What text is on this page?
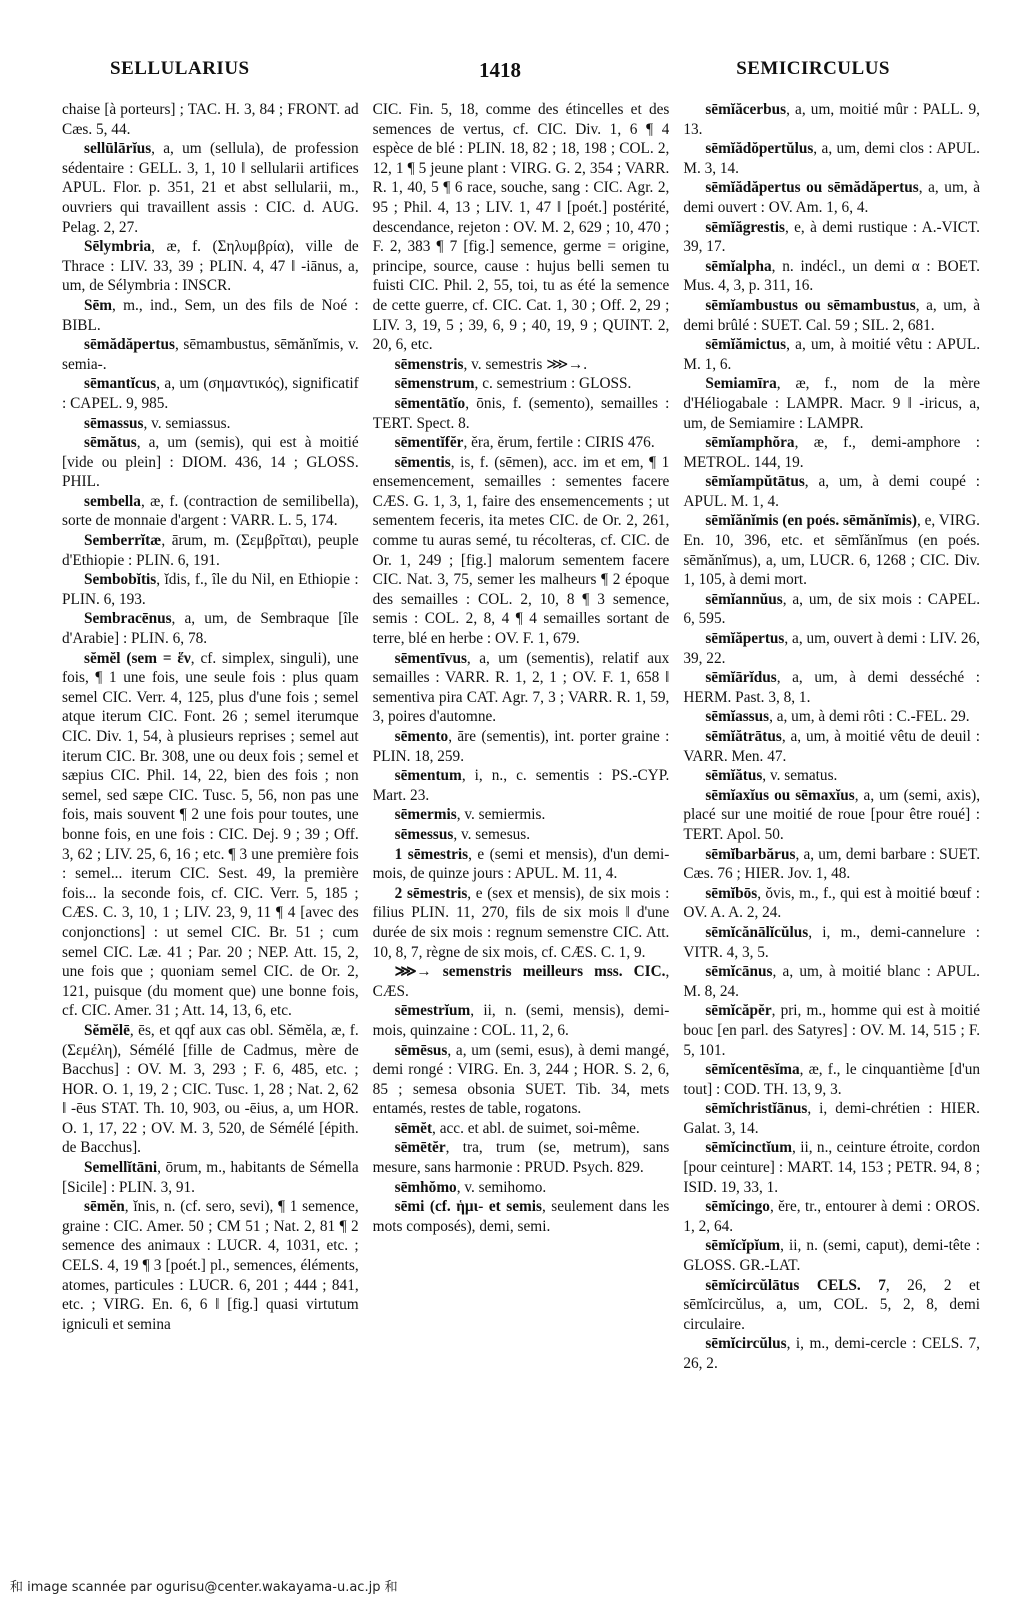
SELLULARIUS	1418	SEMICIRCULUS

chaise [à porteurs] ; TAC. H. 3, 84 ; FRONT. ad Cæs. 5, 44.

sellūlārĭus, a, um (sellula), de profession sédentaire : GELL. 3, 1, 10 ‖ sellularii artifices APUL. Flor. p. 351, 21 et abst sellularii, m., ouvriers qui travaillent assis : CIC. d. AUG. Pelag. 2, 27.

Sēlymbria, æ, f. (Σηλυμβρία), ville de Thrace : LIV. 33, 39 ; PLIN. 4, 47 ‖ -iānus, a, um, de Sélymbria : INSCR.

Sēm, m., ind., Sem, un des fils de Noé : BIBL.

sēmădăpertus, sēmambustus, sēmănĭmis, v. semia-.

sēmantĭcus, a, um (σημαντικός), significatif : CAPEL. 9, 985.

sēmassus, v. semiassus.

sēmătus, a, um (semis), qui est à moitié [vide ou plein] : DIOM. 436, 14 ; GLOSS. PHIL.

sembella, æ, f. (contraction de semilibella), sorte de monnaie d'argent : VARR. L. 5, 174.

Semberrĭtæ, ārum, m. (Σεμβρῖται), peuple d'Ethiopie : PLIN. 6, 191.

Sembobĭtis, ĭdis, f., île du Nil, en Ethiopie : PLIN. 6, 193.

Sembracēnus, a, um, de Sembraque [île d'Arabie] : PLIN. 6, 78.

sĕmĕl (sem = ἕν, cf. simplex, singuli), une fois, ¶ 1 une fois, une seule fois : plus quam semel CIC. Verr. 4, 125, plus d'une fois ; semel atque iterum CIC. Font. 26 ; semel iterumque CIC. Div. 1, 54, à plusieurs reprises ; semel aut iterum CIC. Br. 308, une ou deux fois ; semel et sæpius CIC. Phil. 14, 22, bien des fois ; non semel, sed sæpe CIC. Tusc. 5, 56, non pas une fois, mais souvent ¶ 2 une fois pour toutes, une bonne fois, en une fois : CIC. Dej. 9 ; 39 ; Off. 3, 62 ; LIV. 25, 6, 16 ; etc. ¶ 3 une première fois : semel... iterum CIC. Sest. 49, la première fois... la seconde fois, cf. CIC. Verr. 5, 185 ; CÆS. C. 3, 10, 1 ; LIV. 23, 9, 11 ¶ 4 [avec des conjonctions] : ut semel CIC. Br. 51 ; cum semel CIC. Læ. 41 ; Par. 20 ; NEP. Att. 15, 2, une fois que ; quoniam semel CIC. de Or. 2, 121, puisque (du moment que) une bonne fois, cf. CIC. Amer. 31 ; Att. 14, 13, 6, etc.

Sĕmĕlē, ēs, et qqf aux cas obl. Sĕmĕla, æ, f. (Σεμέλη), Sémélé [fille de Cadmus, mère de Bacchus] : OV. M. 3, 293 ; F. 6, 485, etc. ; HOR. O. 1, 19, 2 ; CIC. Tusc. 1, 28 ; Nat. 2, 62 ‖ -ēus STAT. Th. 10, 903, ou -ēius, a, um HOR. O. 1, 17, 22 ; OV. M. 3, 520, de Sémélé [épith. de Bacchus].

Semellĭtāni, ōrum, m., habitants de Sémella [Sicile] : PLIN. 3, 91.

sēmĕn, ĭnis, n. (cf. sero, sevi), ¶ 1 semence, graine : CIC. Amer. 50 ; CM 51 ; Nat. 2, 81 ¶ 2 semence des animaux : LUCR. 4, 1031, etc. ; CELS. 4, 19 ¶ 3 [poét.] pl., semences, éléments, atomes, particules : LUCR. 6, 201 ; 444 ; 841, etc. ; VIRG. En. 6, 6 ‖ [fig.] quasi virtutum igniculi et semina

CIC. Fin. 5, 18, comme des étincelles et des semences de vertus, cf. CIC. Div. 1, 6 ¶ 4 espèce de blé : PLIN. 18, 82 ; 18, 198 ; COL. 2, 12, 1 ¶ 5 jeune plant : VIRG. G. 2, 354 ; VARR. R. 1, 40, 5 ¶ 6 race, souche, sang : CIC. Agr. 2, 95 ; Phil. 4, 13 ; LIV. 1, 47 ‖ [poét.] postérité, descendance, rejeton : OV. M. 2, 629 ; 10, 470 ; F. 2, 383 ¶ 7 [fig.] semence, germe = origine, principe, source, cause : hujus belli semen tu fuisti CIC. Phil. 2, 55, toi, tu as été la semence de cette guerre, cf. CIC. Cat. 1, 30 ; Off. 2, 29 ; LIV. 3, 19, 5 ; 39, 6, 9 ; 40, 19, 9 ; QUINT. 2, 20, 6, etc.

sēmenstris, v. semestris ⋙→.

sēmenstrum, c. semestrium : GLOSS.

sēmentātĭo, ōnis, f. (semento), semailles : TERT. Spect. 8.

sēmentĭfĕr, ĕra, ĕrum, fertile : CIRIS 476.

sēmentis, is, f. (sēmen), acc. im et em, ¶ 1 ensemencement, semailles : sementes facere CÆS. G. 1, 3, 1, faire des ensemencements ; ut sementem feceris, ita metes CIC. de Or. 2, 261, comme tu auras semé, tu récolteras, cf. CIC. de Or. 1, 249 ; [fig.] malorum sementem facere CIC. Nat. 3, 75, semer les malheurs ¶ 2 époque des semailles : COL. 2, 10, 8 ¶ 3 semence, semis : COL. 2, 8, 4 ¶ 4 semailles sortant de terre, blé en herbe : OV. F. 1, 679.

sēmentīvus, a, um (sementis), relatif aux semailles : VARR. R. 1, 2, 1 ; OV. F. 1, 658 ‖ sementiva pira CAT. Agr. 7, 3 ; VARR. R. 1, 59, 3, poires d'automne.

sēmento, āre (sementis), int. porter graine : PLIN. 18, 259.

sēmentum, i, n., c. sementis : PS.-CYP. Mart. 23.

sēmermis, v. semiermis.

sēmessus, v. semesus.

1 sēmestris, e (semi et mensis), d'un demi-mois, de quinze jours : APUL. M. 11, 4.

2 sēmestris, e (sex et mensis), de six mois : filius PLIN. 11, 270, fils de six mois ‖ d'une durée de six mois : regnum semenstre CIC. Att. 10, 8, 7, règne de six mois, cf. CÆS. C. 1, 9.

⋙→ semenstris meilleurs mss. CIC., CÆS.

sēmestrĭum, ii, n. (semi, mensis), demi-mois, quinzaine : COL. 11, 2, 6.

sēmēsus, a, um (semi, esus), à demi mangé, demi rongé : VIRG. En. 3, 244 ; HOR. S. 2, 6, 85 ; semesa obsonia SUET. Tib. 34, mets entamés, restes de table, rogatons.

sēmĕt, acc. et abl. de suimet, soi-même.

sēmētĕr, tra, trum (se, metrum), sans mesure, sans harmonie : PRUD. Psych. 829.

sēmhŏmo, v. semihomo.

sēmi (cf. ἡμι- et semis, seulement dans les mots composés), demi, semi.

sēmĭăcerbus, a, um, moitié mûr : PALL. 9, 13.

sēmĭădŏpertŭlus, a, um, demi clos : APUL. M. 3, 14.

sēmĭădăpertus ou sēmădăpertus, a, um, à demi ouvert : OV. Am. 1, 6, 4.

sēmĭăgrestis, e, à demi rustique : A.-VICT. 39, 17.

sēmĭalpha, n. indécl., un demi α : BOET. Mus. 4, 3, p. 311, 16.

sēmĭambustus ou sēmambustus, a, um, à demi brûlé : SUET. Cal. 59 ; SIL. 2, 681.

sēmĭămictus, a, um, à moitié vêtu : APUL. M. 1, 6.

Semiamīra, æ, f., nom de la mère d'Héliogabale : LAMPR. Macr. 9 ‖ -iricus, a, um, de Semiamire : LAMPR.

sēmĭamphŏra, æ, f., demi-amphore : METROL. 144, 19.

sēmĭampŭtātus, a, um, à demi coupé : APUL. M. 1, 4.

sēmĭănĭmis (en poés. sēmănĭmis), e, VIRG. En. 10, 396, etc. et sēmĭănĭmus (en poés. sēmănĭmus), a, um, LUCR. 6, 1268 ; CIC. Div. 1, 105, à demi mort.

sēmĭannŭus, a, um, de six mois : CAPEL. 6, 595.

sēmĭăpertus, a, um, ouvert à demi : LIV. 26, 39, 22.

sēmĭārĭdus, a, um, à demi desséché : HERM. Past. 3, 8, 1.

sēmĭassus, a, um, à demi rôti : C.-FEL. 29.

sēmĭătrātus, a, um, à moitié vêtu de deuil : VARR. Men. 47.

sēmĭătus, v. sematus.

sēmĭaxĭus ou sēmaxĭus, a, um (semi, axis), placé sur une moitié de roue [pour être roué] : TERT. Apol. 50.

sēmĭbarbărus, a, um, demi barbare : SUET. Cæs. 76 ; HIER. Jov. 1, 48.

sēmĭbōs, ŏvis, m., f., qui est à moitié bœuf : OV. A. A. 2, 24.

sēmĭcănālĭcŭlus, i, m., demi-cannelure : VITR. 4, 3, 5.

sēmĭcānus, a, um, à moitié blanc : APUL. M. 8, 24.

sēmĭcăpĕr, pri, m., homme qui est à moitié bouc [en parl. des Satyres] : OV. M. 14, 515 ; F. 5, 101.

sēmĭcentēsĭma, æ, f., le cinquantième [d'un tout] : COD. TH. 13, 9, 3.

sēmĭchristĭānus, i, demi-chrétien : HIER. Galat. 3, 14.

sēmĭcinctĭum, ii, n., ceinture étroite, cordon [pour ceinture] : MART. 14, 153 ; PETR. 94, 8 ; ISID. 19, 33, 1.

sēmĭcingo, ĕre, tr., entourer à demi : OROS. 1, 2, 64.

sēmĭcĭpĭum, ii, n. (semi, caput), demi-tête : GLOSS. GR.-LAT.

sēmĭcircŭlātus CELS. 7, 26, 2 et sēmĭcircŭlus, a, um, COL. 5, 2, 8, demi circulaire.

sēmĭcircŭlus, i, m., demi-cercle : CELS. 7, 26, 2.

和 image scannée par ogurisu@center.wakayama-u.ac.jp 和
